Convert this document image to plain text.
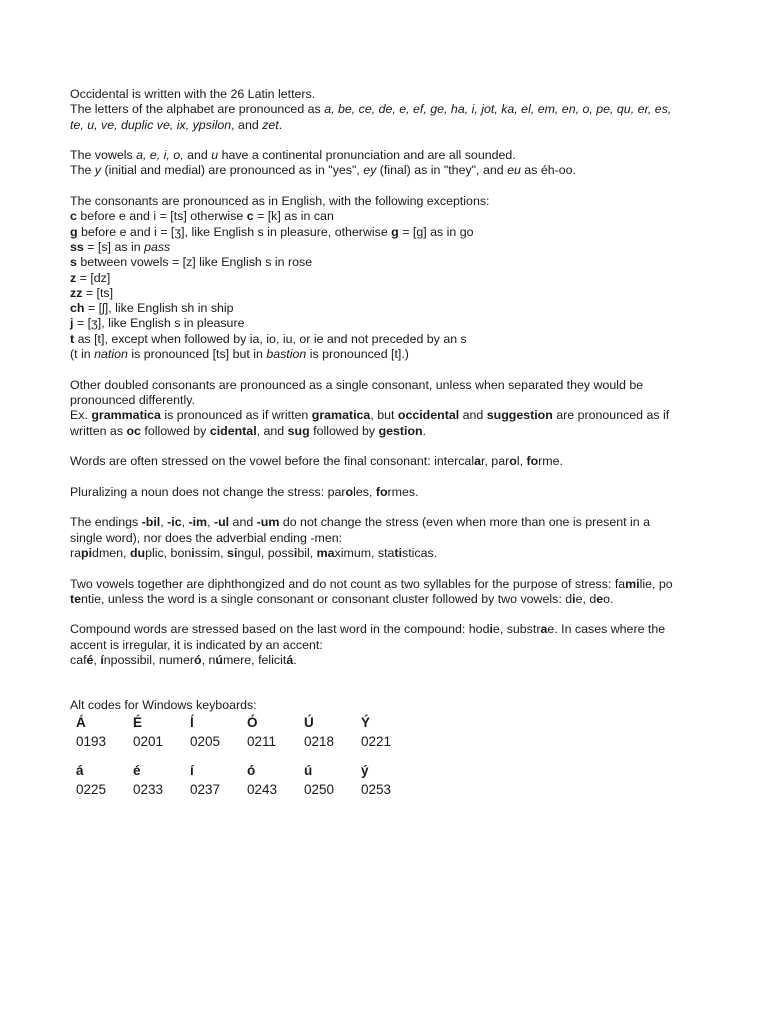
Occidental is written with the 26 Latin letters.
The letters of the alphabet are pronounced as a, be, ce, de, e, ef, ge, ha, i, jot, ka, el, em, en, o, pe, qu, er, es,
te, u, ve, duplic ve, ix, ypsilon, and zet.
The vowels a, e, i, o, and u have a continental pronunciation and are all sounded.
The y (initial and medial) are pronounced as in "yes", ey (final) as in "they", and eu as éh-oo.
The consonants are pronounced as in English, with the following exceptions:
c before e and i = [ts] otherwise c = [k] as in can
g before e and i = [ʒ], like English s in pleasure, otherwise g = [g] as in go
ss = [s] as in pass
s between vowels = [z] like English s in rose
z = [dz]
zz = [ts]
ch = [ʃ], like English sh in ship
j = [ʒ], like English s in pleasure
t as [t], except when followed by ia, io, iu, or ie and not preceded by an s
(t in nation is pronounced [ts] but in bastion is pronounced [t].)
Other doubled consonants are pronounced as a single consonant, unless when separated they would be
pronounced differently.
Ex. grammatica is pronounced as if written gramatica, but occidental and suggestion are pronounced as if
written as oc followed by cidental, and sug followed by gestion.
Words are often stressed on the vowel before the final consonant: intercalar, parol, forme.
Pluralizing a noun does not change the stress: paroles, formes.
The endings -bil, -ic, -im, -ul and -um do not change the stress (even when more than one is present in a
single word), nor does the adverbial ending -men:
rapidmen, duplic, bonissim, singul, possibil, maximum, statisticas.
Two vowels together are diphthongized and do not count as two syllables for the purpose of stress: familie, po
tentie, unless the word is a single consonant or consonant cluster followed by two vowels: die, deo.
Compound words are stressed based on the last word in the compound: hodie, substrae. In cases where the
accent is irregular, it is indicated by an accent:
café, ínpossibil, numeró, númere, felicitá.
Alt codes for Windows keyboards:
Á	É	Í	Ó	Ú	Ý
0193	0201	0205	0211	0218	0221
á	é	í	ó	ú	ý
0225	0233	0237	0243	0250	0253
